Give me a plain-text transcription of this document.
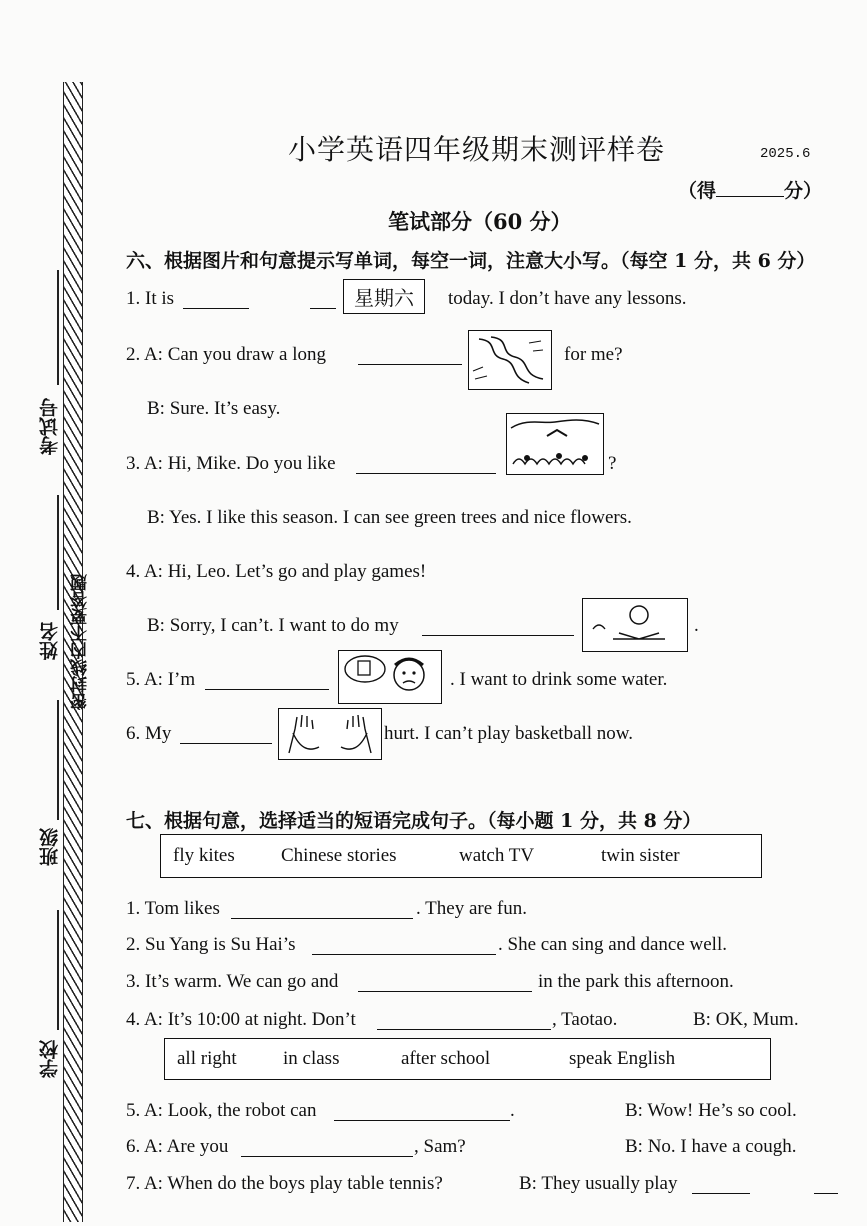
考试号
姓名 密封线内不要答题
班级
学校
小学英语四年级期末测评样卷	2025.6
（得	分）
笔试部分（60 分）
六、根据图片和句意提示写单词，每空一词，注意大小写。（每空 1 分，共 6 分）
1. It is	星期六	today. I don’t have any lessons.
2. A: Can you draw a long	for me?
B: Sure. It’s easy.
3. A: Hi, Mike. Do you like	?
B: Yes. I like this season. I can see green trees and nice flowers.
4. A: Hi, Leo. Let’s go and play games!
B: Sorry, I can’t. I want to do my	.
5. A: I’m	. I want to drink some water.
6. My	hurt. I can’t play basketball now.
七、根据句意，选择适当的短语完成句子。（每小题 1 分，共 8 分）
fly kites Chinese stories	watch TV	twin sister
1. Tom likes	. They are fun.
2. Su Yang is Su Hai’s	. She can sing and dance well.
3. It’s warm. We can go and	in the park this afternoon.
4. A: It’s 10:00 at night. Don’t	, Taotao.	B: OK, Mum.
all right in class	after school	speak English
5. A: Look, the robot can	.	B: Wow! He’s so cool.
6. A: Are you	, Sam?	B: No. I have a cough.
7. A: When do the boys play table tennis?	B: They usually play
